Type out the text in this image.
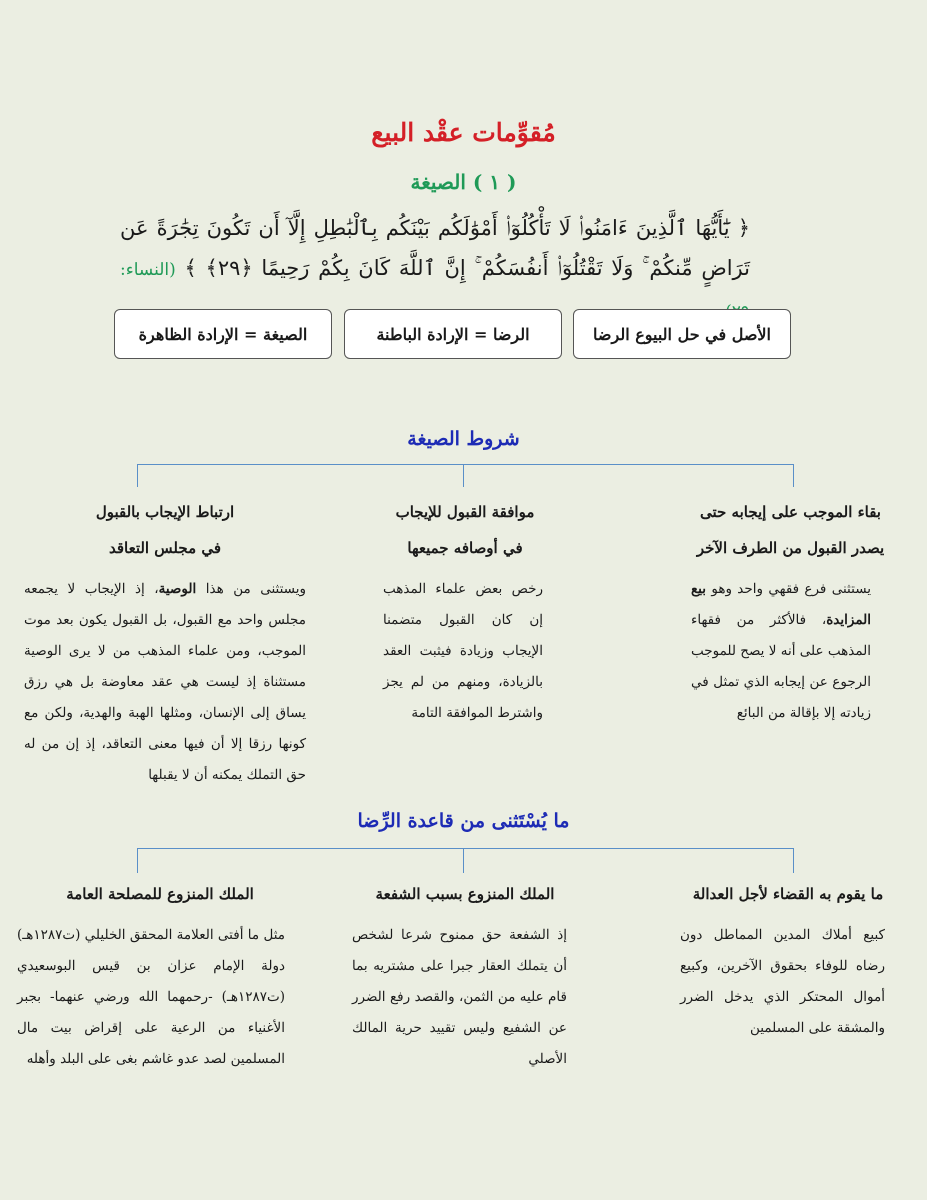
مُقوِّمات عقْد البيع
( ١ ) الصيغة
﴿ يَٰٓأَيُّهَا ٱلَّذِينَ ءَامَنُوا۟ لَا تَأْكُلُوٓا۟ أَمْوَٰلَكُم بَيْنَكُم بِٱلْبَٰطِلِ إِلَّآ أَن تَكُونَ تِجَٰرَةً عَن تَرَاضٍ مِّنكُمْ ۚ وَلَا تَقْتُلُوٓا۟ أَنفُسَكُمْ ۚ إِنَّ ٱللَّهَ كَانَ بِكُمْ رَحِيمًا ﴿٢٩﴾ ﴾ (النساء:
الأصل في حل البيوع الرضا
الرضا = الإرادة الباطنة
الصيغة = الإرادة الظاهرة
شروط الصيغة
بقاء الموجب على إيجابه حتى
يصدر القبول من الطرف الآخر
يستثنى فرع فقهي واحد وهو بيع المزايدة، فالأكثر من فقهاء المذهب على أنه لا يصح للموجب الرجوع عن إيجابه الذي تمثل في زيادته إلا بإقالة من البائع
موافقة القبول للإيجاب
في أوصافه جميعها
رخص بعض علماء المذهب إن كان القبول متضمنا الإيجاب وزيادة فيثبت العقد بالزيادة، ومنهم من لم يجز واشترط الموافقة التامة
ارتباط الإيجاب بالقبول
في مجلس التعاقد
ويستثنى من هذا الوصية، إذ الإيجاب لا يجمعه مجلس واحد مع القبول، بل القبول يكون بعد موت الموجب، ومن علماء المذهب من لا يرى الوصية مستثناة إذ ليست هي عقد معاوضة بل هي رزق يساق إلى الإنسان، ومثلها الهبة والهدية، ولكن مع كونها رزقا إلا أن فيها معنى التعاقد، إذ إن من له حق التملك يمكنه أن لا يقبلها
ما يُسْتَثنى من قاعدة الرِّضا
ما يقوم به القضاء لأجل العدالة
كبيع أملاك المدين المماطل دون رضاه للوفاء بحقوق الآخرين، وكبيع أموال المحتكر الذي يدخل الضرر والمشقة على المسلمين
الملك المنزوع بسبب الشفعة
إذ الشفعة حق ممنوح شرعا لشخص أن يتملك العقار جبرا على مشتريه بما قام عليه من الثمن، والقصد رفع الضرر عن الشفيع وليس تقييد حرية المالك الأصلي
الملك المنزوع للمصلحة العامة
مثل ما أفتى العلامة المحقق الخليلي (ت١٢٨٧هـ) دولة الإمام عزان بن قيس البوسعيدي (ت١٢٨٧هـ) -رحمهما الله ورضي عنهما- بجبر الأغنياء من الرعية على إقراض بيت مال المسلمين لصد عدو غاشم بغى على البلد وأهله
